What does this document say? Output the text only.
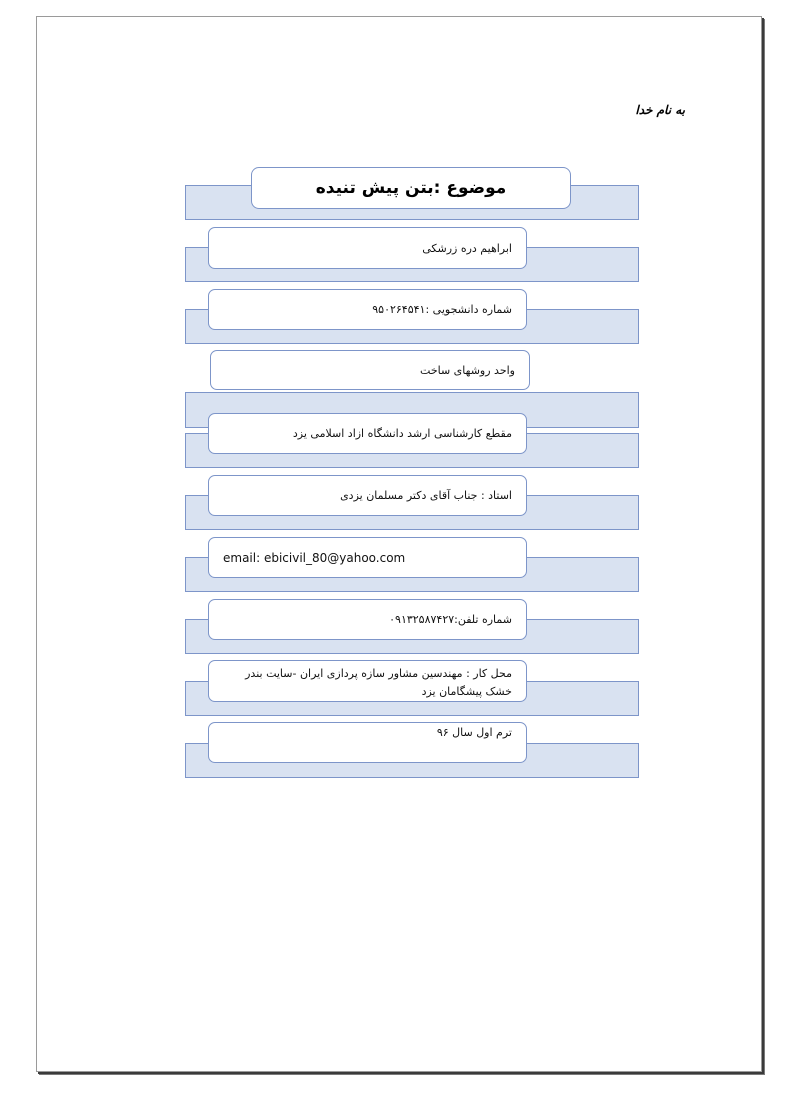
به نام خدا
موضوع :بتن پیش تنیده
ابراهیم دره زرشکی
شماره دانشجویی :۹۵۰۲۶۴۵۴۱
واحد روشهای ساخت
مقطع کارشناسی ارشد دانشگاه ازاد اسلامی یزد
استاد : جناب آقای دکتر مسلمان یزدی
email: ebicivil_80@yahoo.com
شماره تلفن:۰۹۱۳۲۵۸۷۴۲۷
محل کار : مهندسین مشاور سازه پردازی ایران -سایت بندر خشک پیشگامان یزد
ترم اول سال ۹۶
